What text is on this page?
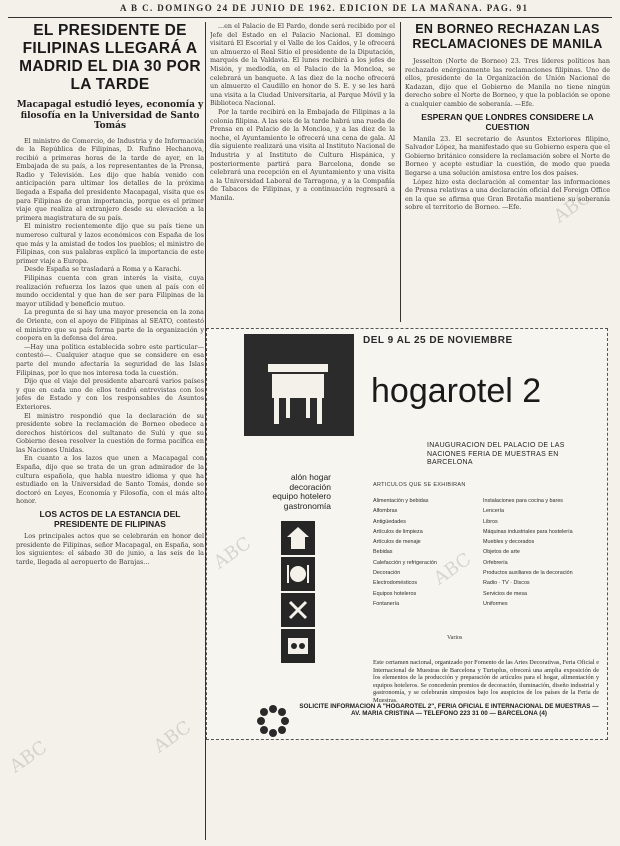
A B C. DOMINGO 24 DE JUNIO DE 1962. EDICION DE LA MAÑANA. PAG. 91
EL PRESIDENTE DE FILIPINAS LLEGARÁ A MADRID EL DIA 30 POR LA TARDE
Macapagal estudió leyes, economía y filosofía en la Universidad de Santo Tomás

El ministro de Comercio, de Industria y de Información de la República de Filipinas, D. Rufino Hechanova, recibió a primeras horas de la tarde de ayer, en la Embajada de su país, a los representantes de la Prensa, Radio y Televisión. Les dijo que había venido con anticipación para ultimar los detalles de la próxima llegada a España del presidente Macapagal, visita que es para Filipinas de gran importancia, porque es el primer viaje que realiza al extranjero desde su elevación a la primera magistratura de su país.

El ministro recientemente dijo que su país tiene un numeroso cultural y lazos económicos con España de los que más y la amistad de todos los pueblos; el ministro de Filipinas, con sus palabras explicó la importancia de este primer viaje a Europa.

Desde España se trasladará a Roma y a Karachi.

Filipinas cuenta con gran interés la visita, cuya realización refuerza los lazos que unen al país con el mundo occidental y que han de ser para Filipinas de la mayor utilidad y beneficio mutuo.

La pregunta de si hay una mayor presencia en la zona de Oriente, con el apoyo de Filipinas al SEATO, contestó el ministro que su país forma parte de la organización y coopera en la defensa del área.

—Hay una política establecida sobre este particular—contestó—. Cualquier ataque que se considere en esa parte del mundo afectaría la seguridad de las Islas Filipinas, por lo que nos interesa toda la cuestión.

Dijo que el viaje del presidente abarcará varios países y que en cada uno de ellos tendrá entrevistas con los jefes de Estado y con los responsables de Asuntos Exteriores.

El ministro respondió que la declaración de su presidente sobre la reclamación de Borneo obedece a derechos históricos del sultanato de Sulú y que su Gobierno desea resolver la cuestión de forma pacífica en las Naciones Unidas.

En cuanto a los lazos que unen a Macapagal con España, dijo que se trata de un gran admirador de la cultura española, que habla nuestro idioma y que ha estudiado en la Universidad de Santo Tomás, donde se doctoró en Leyes, Economía y Filosofía, con el más alto honor.

LOS ACTOS DE LA ESTANCIA DEL PRESIDENTE DE FILIPINAS

Los principales actos que se celebrarán en honor del presidente de Filipinas, señor Macapagal, en España, son los siguientes: el sábado 30 de junio, a las seis de la tarde, llegada al aeropuerto de Barajas...

...en el Palacio de El Pardo, donde será recibido por el Jefe del Estado en el Palacio Nacional. El domingo visitará El Escorial y el Valle de los Caídos, y le ofrecerá un almuerzo el Real Sitio el presidente de la Diputación, marqués de la Valdavia. El lunes recibirá a los jefes de Misión, y mediodía, en el Palacio de la Moncloa, se celebrará un banquete. A las diez de la noche ofrecerá un almuerzo el Caudillo en honor de S. E. y se les hará una visita a la Ciudad Universitaria, al Parque Móvil y la Biblioteca Nacional.

Por la tarde recibirá en la Embajada de Filipinas a la colonia filipina. A las seis de la tarde habrá una rueda de Prensa en el Palacio de la Moncloa, y a las diez de la noche, el Ayuntamiento le ofrecerá una cena de gala. Al día siguiente realizará una visita al Instituto Nacional de Industria y al Instituto de Cultura Hispánica, y posteriormente partirá para Barcelona, donde se celebrará una recepción en el Ayuntamiento y una visita a la Universidad Laboral de Tarragona, y a la Compañía de Tabacos de Filipinas, y a continuación regresará a Manila.

EN BORNEO RECHAZAN LAS RECLAMACIONES DE MANILA

Jesselton (Norte de Borneo) 23. Tres líderes políticos han rechazado enérgicamente las reclamaciones filipinas. Uno de ellos, presidente de la Organización de Unión Nacional de Kadazan, dijo que el Gobierno de Manila no tiene ningún derecho sobre el Norte de Borneo, y que la población se opone a cualquier cambio de soberanía. —Efe.

ESPERAN QUE LONDRES CONSIDERE LA CUESTION

Manila 23. El secretario de Asuntos Exteriores filipino, Salvador López, ha manifestado que su Gobierno espera que el Gobierno británico considere la reclamación sobre el Norte de Borneo y acepte estudiar la cuestión, de modo que pueda llegarse a una solución amistosa entre los dos países.

López hizo esta declaración al comentar las informaciones de Prensa relativas a una declaración oficial del Foreign Office en la que se afirma que Gran Bretaña mantiene su soberanía sobre el territorio de Borneo. —Efe.

DEL 9 AL 25 DE NOVIEMBRE
hogarotel 2
alón hogar
decoración
equipo hotelero
gastronomía
INAUGURACION DEL PALACIO DE LAS NACIONES FERIA DE MUESTRAS EN BARCELONA
ARTICULOS QUE SE EXHIBIRAN
Alimentación y bebidas
Alfombras
Antigüedades
Artículos de limpieza
Artículos de menaje
Bebidas
Calefacción y refrigeración
Decoración
Electrodomésticos
Equipos hoteleros
Fontanería
Instalaciones para cocina y bares
Lencería
Libros
Máquinas industriales para hostelería
Muebles y decorados
Objetos de arte
Orfebrería
Productos auxiliares de la decoración
Radio · TV · Discos
Servicios de mesa
Uniformes
Varios
Este certamen nacional, organizado por Fomento de las Artes Decorativas, Feria Oficial e Internacional de Muestras de Barcelona y Turisplus, ofrecerá una amplia exposición de los elementos de la producción y preparación de artículos para el hogar, alimentación y equipos hoteleros. Se concederán premios de decoración, iluminación, diseño industrial y gastronomía, y se celebrarán simposios bajo los auspicios de los países de la Feria de Muestras.
SOLICITE INFORMACION A "HOGAROTEL 2", FERIA OFICIAL E INTERNACIONAL DE MUESTRAS — AV. MARIA CRISTINA — TELEFONO 223 31 00 — BARCELONA (4)
ABC
ABC
ABC
ABC
ABC
